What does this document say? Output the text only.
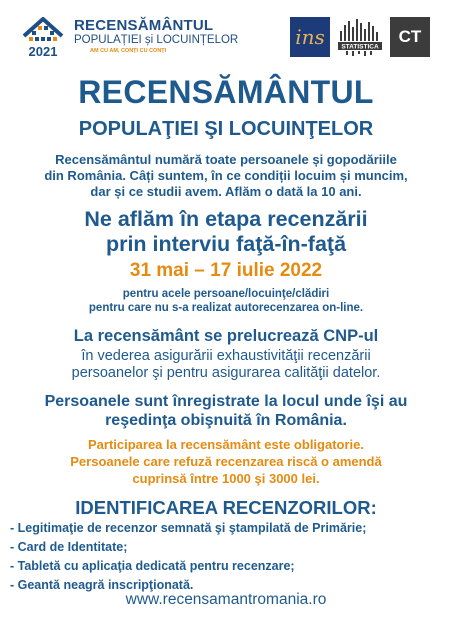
2021
RECENSĂMÂNTUL
POPULAȚIEI și LOCUINȚELOR
AM CU AM, CONȚI CU CONȚI
ins	STATISTICA
CT
RECENSĂMÂNTUL
POPULAŢIEI ŞI LOCUINŢELOR
Recensământul numără toate persoanele și gopodăriile
din România. Câți suntem, în ce condiții locuim și muncim,
dar și ce studii avem. Aflăm o dată la 10 ani.
Ne aflăm în etapa recenzării
prin interviu faţă-în-faţă
31 mai – 17 iulie 2022
pentru acele persoane/locuinţe/clădiri
pentru care nu s-a realizat autorecenzarea on-line.
La recensământ se prelucrează CNP-ul
în vederea asigurării exhaustivităţii recenzării
persoanelor şi pentru asigurarea calităţii datelor.
Persoanele sunt înregistrate la locul unde îşi au
reşedinţa obişnuită în România.
Participarea la recensământ este obligatorie.
Persoanele care refuză recenzarea riscă o amendă
cuprinsă între 1000 şi 3000 lei.
IDENTIFICAREA RECENZORILOR:
- Legitimaţie de recenzor semnată şi ştampilată de Primărie;
- Card de Identitate;
- Tabletă cu aplicaţia dedicată pentru recenzare;
- Geantă neagră inscripţionată.
www.recensamantromania.ro
